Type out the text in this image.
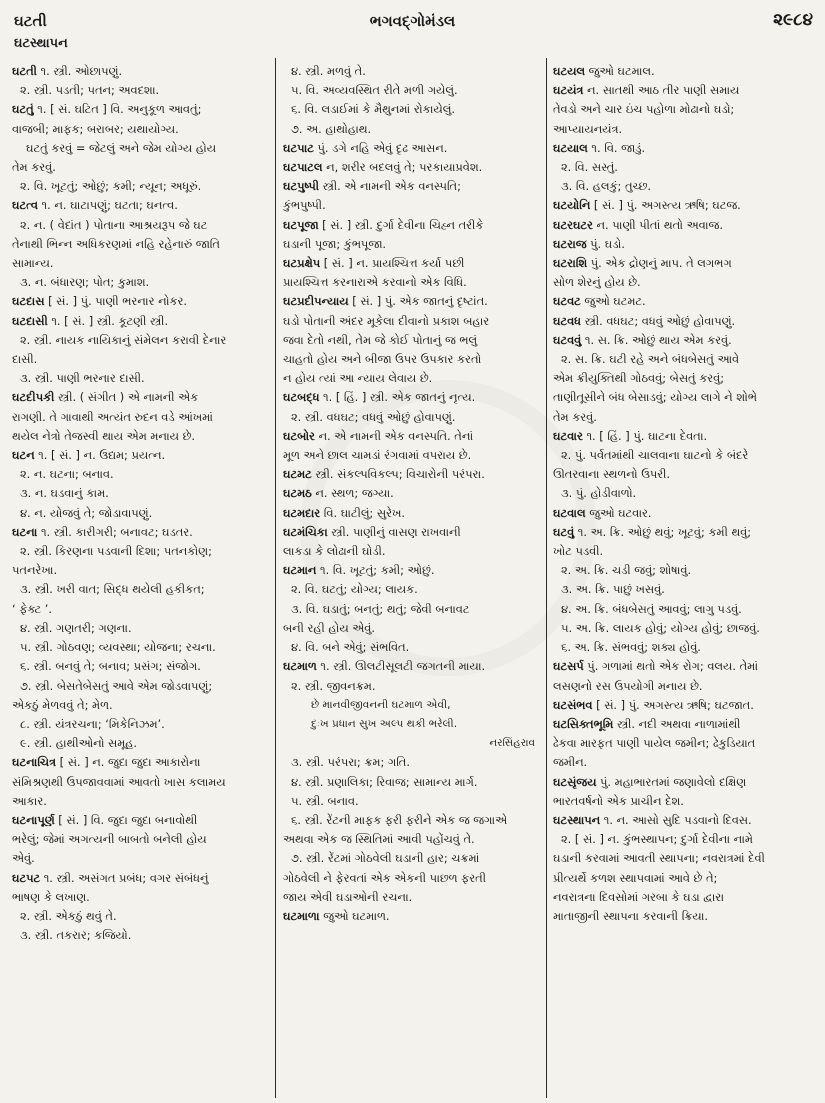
ઘટતી	ભગવદ્ગોમંડલ	૨૯૮૪
ઘટસ્થાપન
ઘટતી ૧. સ્ત્રી. ઓછાપણું.
૨. સ્ત્રી. પડતી; પતન; અવદશા.
ઘટતું ૧. [ સં. ઘટિત ] વિ. અનુકૂળ આવતું;
વાજબી; માફક; બરાબર; યથાયોગ્ય.
ઘટતું કરવું = જેટલું અને જેમ યોગ્ય હોય
તેમ કરવું.
૨. વિ. ખૂટતું; ઓછું; કમી; ન્યૂન; અધૂરું.
ઘટત્વ ૧. ન. ઘાટાપણું; ઘટતા; ઘનત્વ.
૨. ન. ( વેદાંત ) પોતાના આશ્રયરૂપ જે ઘટ
તેનાથી ભિન્ન અધિકરણમાં નહિ રહેનારું જાતિ
સામાન્ય.
૩. ન. બંધારણ; પોત; કુમાશ.
ઘટદાસ [ સં. ] પું. પાણી ભરનાર નોકર.
ઘટદાસી ૧. [ સં. ] સ્ત્રી. કૂટણી સ્ત્રી.
૨. સ્ત્રી. નાયક નાયિકાનું સંમેલન કરાવી દેનાર
દાસી.
૩. સ્ત્રી. પાણી ભરનાર દાસી.
ઘટદીપકી સ્ત્રી. ( સંગીત ) એ નામની એક
રાગણી. તે ગાવાથી અત્યંત રુદન વડે આંખમાં
થયેલ નેત્રો તેજસ્વી થાય એમ મનાય છે.
ઘટન ૧. [ સં. ] ન. ઉદ્યમ; પ્રયત્ન.
૨. ન. ઘટના; બનાવ.
૩. ન. ઘડવાનું કામ.
૪. ન. યોજવું તે; જોડાવાપણું.
ઘટના ૧. સ્ત્રી. કારીગરી; બનાવટ; ઘડતર.
૨. સ્ત્રી. કિરણના પડવાની દિશા; પતનકોણ;
પતનરેખા.
૩. સ્ત્રી. ખરી વાત; સિદ્ધ થયેલી હકીકત;
‘ ફેક્ટ ’.
૪. સ્ત્રી. ગણતરી; ગણના.
૫. સ્ત્રી. ગોઠવણ; વ્યવસ્થા; યોજના; રચના.
૬. સ્ત્રી. બનવું તે; બનાવ; પ્રસંગ; સંજોગ.
૭. સ્ત્રી. બેસતેબેસતું આવે એમ જોડવાપણું;
એકઠું મેળવવું તે; મેળ.
૮. સ્ત્રી. યંત્રરચના; ‘મિકેનિઝમ’.
૯. સ્ત્રી. હાથીઓનો સમૂહ.
ઘટનાચિત્ર [ સં. ] ન. જુદા જુદા આકારોના
સંમિશ્રણથી ઉપજાવવામાં આવતો ખાસ કલામય
આકાર.
ઘટનાપૂર્ણ [ સં. ] વિ. જુદા જુદા બનાવોથી
ભરેલું; જેમાં અગત્યની બાબતો બનેલી હોય
એવું.
ઘટપટ ૧. સ્ત્રી. અસંગત પ્રબંધ; વગર સંબંધનું
ભાષણ કે લખાણ.
૨. સ્ત્રી. એકઠું થવું તે.
૩. સ્ત્રી. તકરાર; કજિયો.
૪. સ્ત્રી. મળવું તે.
૫. વિ. અવ્યવસ્થિત રીતે મળી ગયેલું.
૬. વિ. લડાઈમાં કે મૈથુનમાં રોકાયેલું.
૭. અ. હાથોહાથ.
ઘટપાટ પું. ડગે નહિ એવું દૃઢ આસન.
ઘટપાટલ ન, શરીર બદલવું તે; પરકાયાપ્રવેશ.
ઘટપુષ્પી સ્ત્રી. એ નામની એક વનસ્પતિ;
કુંભપુષ્પી.
ઘટપૂજા [ સં. ] સ્ત્રી. દુર્ગા દેવીના ચિહ્ન તરીકે
ઘડાની પૂજા; કુંભપૂજા.
ઘટપ્રક્ષેપ [ સં. ] ન. પ્રાયશ્ચિત્ત કર્યા પછી
પ્રાયશ્ચિત્ત કરનારાએ કરવાનો એક વિધિ.
ઘટપ્રદીપન્યાય [ સં. ] પું. એક જાતનું દૃષ્ટાંત.
ઘડો પોતાની અંદર મૂકેલા દીવાનો પ્રકાશ બહાર
જવા દેતો નથી, તેમ જે કોઈ પોતાનું જ ભલું
ચાહતો હોય અને બીજા ઉપર ઉપકાર કરતો
ન હોય ત્યાં આ ન્યાય લેવાય છે.
ઘટબદ્ધ ૧. [ હિં. ] સ્ત્રી. એક જાતનું નૃત્ય.
૨. સ્ત્રી. વધઘટ; વધવું ઓછું હોવાપણું.
ઘટબોર ન. એ નામની એક વનસ્પતિ. તેનાં
મૂળ અને છાલ ચામડાં રંગવામાં વપરાય છે.
ઘટમટ સ્ત્રી. સંકલ્પવિકલ્પ; વિચારોની પરંપરા.
ઘટમઠ ન. સ્થળ; જગ્યા.
ઘટમદાર વિ. ઘાટીલું; સુરેખ.
ઘટમંચિકા સ્ત્રી. પાણીનું વાસણ રાખવાની
લાકડા કે લોઢાની ઘોડી.
ઘટમાન ૧. વિ. ખૂટતું; કમી; ઓછું.
૨. વિ. ઘટતું; યોગ્ય; લાયક.
૩. વિ. ઘડાતું; બનતું; થતું; જેવી બનાવટ
બની રહી હોય એવું.
૪. વિ. બને એવું; સંભવિત.
ઘટમાળ ૧. સ્ત્રી. ઊલટીસૂલટી જગતની માયા.
૨. સ્ત્રી. જીવનક્રમ.
છે માનવીજીવનની ઘટમાળ એવી,
દુઃખ પ્રધાન સુખ અલ્પ થકી ભરેલી.
નરસિંહરાવ
૩. સ્ત્રી. પરંપરા; ક્રમ; ગતિ.
૪. સ્ત્રી. પ્રણાલિકા; રિવાજ; સામાન્ય માર્ગ.
૫. સ્ત્રી. બનાવ.
૬. સ્ત્રી. રેંટની માફક ફરી ફરીને એક જ જગાએ
અથવા એક જ સ્થિતિમાં આવી પહોંચવું તે.
૭. સ્ત્રી. રેંટમાં ગોઠવેલી ઘડાની હાર; ચક્રમાં
ગોઠવેલી ને ફેરવતાં એક એકની પાછળ ફરતી
જાય એવી ઘડાઓની રચના.
ઘટમાળા જુઓ ઘટમાળ.
ઘટયલ જુઓ ઘટમાલ.
ઘટયંત્ર ન. સાતથી આઠ તીર પાણી સમાય
તેવડો અને ચાર ઇંચ પહોળા મોઢાનો ઘડો;
આપ્યાયનયંત્ર.
ઘટયાલ ૧. વિ. જાડું.
૨. વિ. સસ્તું.
૩. વિ. હલકું; તુચ્છ.
ઘટયોનિ [ સં. ] પું. અગસ્ત્ય ઋષિ; ઘટજ.
ઘટરઘટર ન. પાણી પીતાં થતો અવાજ.
ઘટરાજ પું. ઘડો.
ઘટરાશિ પું. એક દ્રોણનું માપ. તે લગભગ
સોળ શેરનું હોય છે.
ઘટવટ જુઓ ઘટમટ.
ઘટવધ સ્ત્રી. વધઘટ; વધવું ઓછું હોવાપણું.
ઘટવવું ૧. સ. ક્રિ. ઓછું થાય એમ કરવું.
૨. સ. ક્રિ. ઘટી રહે અને બંધબેસતું આવે
એમ ક્રીયુક્તિથી ગોઠવવું; બેસતું કરવું;
તાણીતૂસીને બંધ બેસાડવું; યોગ્ય લાગે ને શોભે
તેમ કરવું.
ઘટવાર ૧. [ હિં. ] પું. ઘાટના દેવતા.
૨. પું. પર્વતમાંથી ચાલવાના ઘાટનો કે બંદરે
ઊતરવાના સ્થળનો ઉપરી.
૩. પું. હોડીવાળો.
ઘટવાલ જુઓ ઘટવાર.
ઘટવું ૧. અ. ક્રિ. ઓછું થવું; ખૂટવું; કમી થવું;
ખોટ પડવી.
૨. અ. ક્રિ. ચડી જવું; શોષાવું.
૩. અ. ક્રિ. પાછું ખસવું.
૪. અ. ક્રિ. બંધબેસતું આવવું; લાગુ પડવું.
૫. અ. ક્રિ. લાયક હોવું; યોગ્ય હોવું; છાજવું.
૬. અ. ક્રિ. સંભવવું; શક્ય હોવું.
ઘટસર્પ પું. ગળામાં થતો એક રોગ; વલય. તેમાં
લસણનો રસ ઉપયોગી મનાય છે.
ઘટસંભવ [ સં. ] પું. અગસ્ત્ય ઋષિ; ઘટજાત.
ઘટસિક્તભૂમિ સ્ત્રી. નદી અથવા નાળામાંથી
ઢેકવા મારફત પાણી પાયેલ જમીન; ઢેકુડિયાત
જમીન.
ઘટસૃંજય પું. મહાભારતમાં જણાવેલો દક્ષિણ
ભારતવર્ષનો એક પ્રાચીન દેશ.
ઘટસ્થાપન ૧. ન. આસો સુદિ પડવાનો દિવસ.
૨. [ સં. ] ન. કુંભસ્થાપન; દુર્ગા દેવીના નામે
ઘડાની કરવામાં આવતી સ્થાપના; નવરાત્રમાં દેવી
પ્રીત્યર્થે કળશ સ્થાપવામાં આવે છે તે;
નવરાત્રના દિવસોમાં ગરબા કે ઘડા દ્વારા
માતાજીની સ્થાપના કરવાની ક્રિયા.
